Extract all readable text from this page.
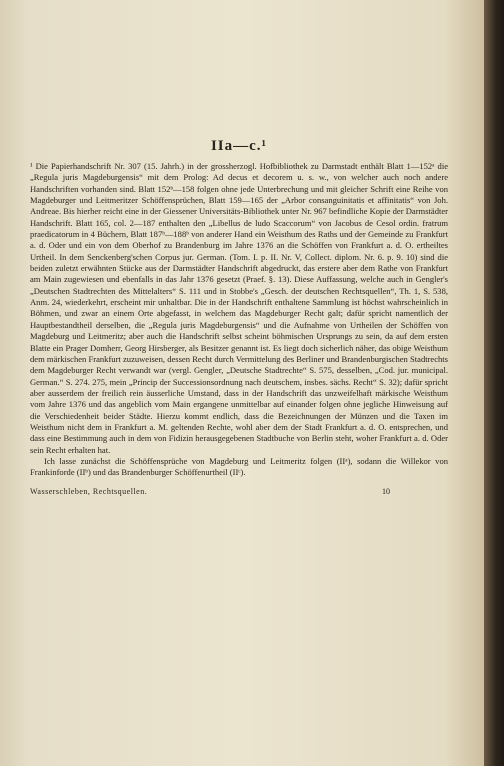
IIa—c.¹

¹ Die Papierhandschrift Nr. 307 (15. Jahrh.) in der grossherzogl. Hofbibliothek zu Darmstadt enthält Blatt 1—152ᵃ die „Regula juris Magdeburgensis“ mit dem Prolog: Ad decus et decorem u. s. w., von welcher auch noch andere Handschriften vorhanden sind. Blatt 152ᵇ—158 folgen ohne jede Unterbrechung und mit gleicher Schrift eine Reihe von Magdeburger und Leitmeritzer Schöffensprüchen, Blatt 159—165 der „Arbor consanguinitatis et affinitatis“ von Joh. Andreae. Bis hierher reicht eine in der Giessener Universitäts-Bibliothek unter Nr. 967 befindliche Kopie der Darmstädter Handschrift. Blatt 165, col. 2—187 enthalten den „Libellus de ludo Scaccorum“ von Jacobus de Cesol ordin. fratrum praedicatorum in 4 Büchern, Blatt 187ᵇ—188ᵇ von anderer Hand ein Weisthum des Raths und der Gemeinde zu Frankfurt a. d. Oder und ein von dem Oberhof zu Brandenburg im Jahre 1376 an die Schöffen von Frankfurt a. d. O. ertheiltes Urtheil. In dem Senckenberg'schen Corpus jur. German. (Tom. I. p. II. Nr. V, Collect. diplom. Nr. 6. p. 9. 10) sind die beiden zuletzt erwähnten Stücke aus der Darmstädter Handschrift abgedruckt, das erstere aber dem Rathe von Frankfurt am Main zugewiesen und ebenfalls in das Jahr 1376 gesetzt (Praef. §. 13). Diese Auffassung, welche auch in Gengler's „Deutschen Stadtrechten des Mittelalters“ S. 111 und in Stobbe's „Gesch. der deutschen Rechtsquellen“, Th. 1, S. 538, Anm. 24, wiederkehrt, erscheint mir unhaltbar. Die in der Handschrift enthaltene Sammlung ist höchst wahrscheinlich in Böhmen, und zwar an einem Orte abgefasst, in welchem das Magdeburger Recht galt; dafür spricht namentlich der Hauptbestandtheil derselben, die „Regula juris Magdeburgensis“ und die Aufnahme von Urtheilen der Schöffen von Magdeburg und Leitmeritz; aber auch die Handschrift selbst scheint böhmischen Ursprungs zu sein, da auf dem ersten Blatte ein Prager Domherr, Georg Hirsberger, als Besitzer genannt ist. Es liegt doch sicherlich näher, das obige Weisthum dem märkischen Frankfurt zuzuweisen, dessen Recht durch Vermittelung des Berliner und Brandenburgischen Stadtrechts dem Magdeburger Recht verwandt war (vergl. Gengler, „Deutsche Stadtrechte“ S. 575, desselben, „Cod. jur. municipal. German.“ S. 274. 275, mein „Princip der Successionsordnung nach deutschem, insbes. sächs. Recht“ S. 32); dafür spricht aber ausserdem der freilich rein äusserliche Umstand, dass in der Handschrift das unzweifelhaft märkische Weisthum vom Jahre 1376 und das angeblich vom Main ergangene unmittelbar auf einander folgen ohne jegliche Hinweisung auf die Verschiedenheit beider Städte. Hierzu kommt endlich, dass die Bezeichnungen der Münzen und die Taxen im Weisthum nicht dem in Frankfurt a. M. geltenden Rechte, wohl aber dem der Stadt Frankfurt a. d. O. entsprechen, und dass eine Bestimmung auch in dem von Fidizin herausgegebenen Stadtbuche von Berlin steht, woher Frankfurt a. d. Oder sein Recht erhalten hat.

Ich lasse zunächst die Schöffensprüche von Magdeburg und Leitmeritz folgen (IIᵃ), sodann die Willekor von Frankinforde (IIᵇ) und das Brandenburger Schöffenurtheil (IIᶜ).

Wasserschleben, Rechtsquellen.	10
